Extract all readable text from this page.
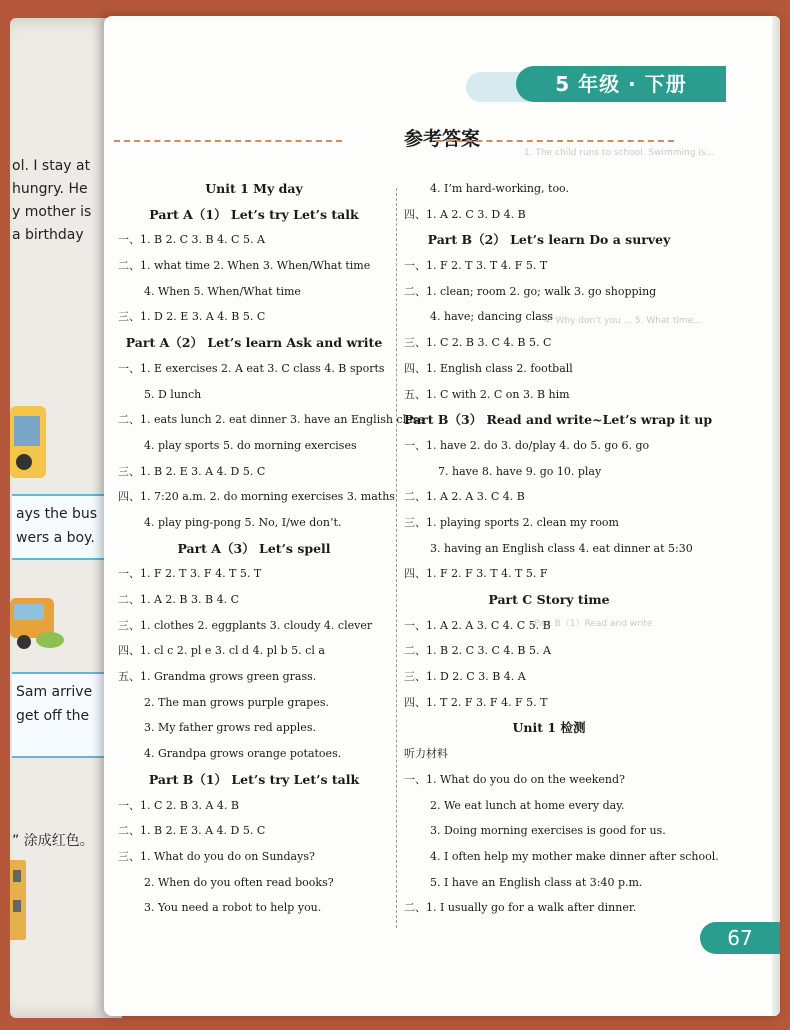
ol. I stay at
hungry. He
y mother is
a birthday
ays the bus
wers a boy.
Sam arrive
get off the
” 涂成红色。
1. The child runs to school. Swimming is...
4. Why don't you ... 5. What time...
Part B（1）Read and write
5 年级 · 下册
参考答案
Unit 1 My day
Part A（1） Let’s try Let’s talk
一、1. B 2. C 3. B 4. C 5. A
二、1. what time 2. When 3. When/What time
4. When 5. When/What time
三、1. D 2. E 3. A 4. B 5. C
Part A（2） Let’s learn Ask and write
一、1. E exercises 2. A eat 3. C class 4. B sports
5. D lunch
二、1. eats lunch 2. eat dinner 3. have an English class
4. play sports 5. do morning exercises
三、1. B 2. E 3. A 4. D 5. C
四、1. 7:20 a.m. 2. do morning exercises 3. maths
4. play ping-pong 5. No, I/we don’t.
Part A（3） Let’s spell
一、1. F 2. T 3. F 4. T 5. T
二、1. A 2. B 3. B 4. C
三、1. clothes 2. eggplants 3. cloudy 4. clever
四、1. cl c 2. pl e 3. cl d 4. pl b 5. cl a
五、1. Grandma grows green grass.
2. The man grows purple grapes.
3. My father grows red apples.
4. Grandpa grows orange potatoes.
Part B（1） Let’s try Let’s talk
一、1. C 2. B 3. A 4. B
二、1. B 2. E 3. A 4. D 5. C
三、1. What do you do on Sundays?
2. When do you often read books?
3. You need a robot to help you.
4. I’m hard-working, too.
四、1. A 2. C 3. D 4. B
Part B（2） Let’s learn Do a survey
一、1. F 2. T 3. T 4. F 5. T
二、1. clean; room 2. go; walk 3. go shopping
4. have; dancing class
三、1. C 2. B 3. C 4. B 5. C
四、1. English class 2. football
五、1. C with 2. C on 3. B him
Part B（3） Read and write~Let’s wrap it up
一、1. have 2. do 3. do/play 4. do 5. go 6. go
7. have 8. have 9. go 10. play
二、1. A 2. A 3. C 4. B
三、1. playing sports 2. clean my room
3. having an English class 4. eat dinner at 5:30
四、1. F 2. F 3. T 4. T 5. F
Part C Story time
一、1. A 2. A 3. C 4. C 5. B
二、1. B 2. C 3. C 4. B 5. A
三、1. D 2. C 3. B 4. A
四、1. T 2. F 3. F 4. F 5. T
Unit 1 检测
听力材料
一、1. What do you do on the weekend?
2. We eat lunch at home every day.
3. Doing morning exercises is good for us.
4. I often help my mother make dinner after school.
5. I have an English class at 3:40 p.m.
二、1. I usually go for a walk after dinner.
67
